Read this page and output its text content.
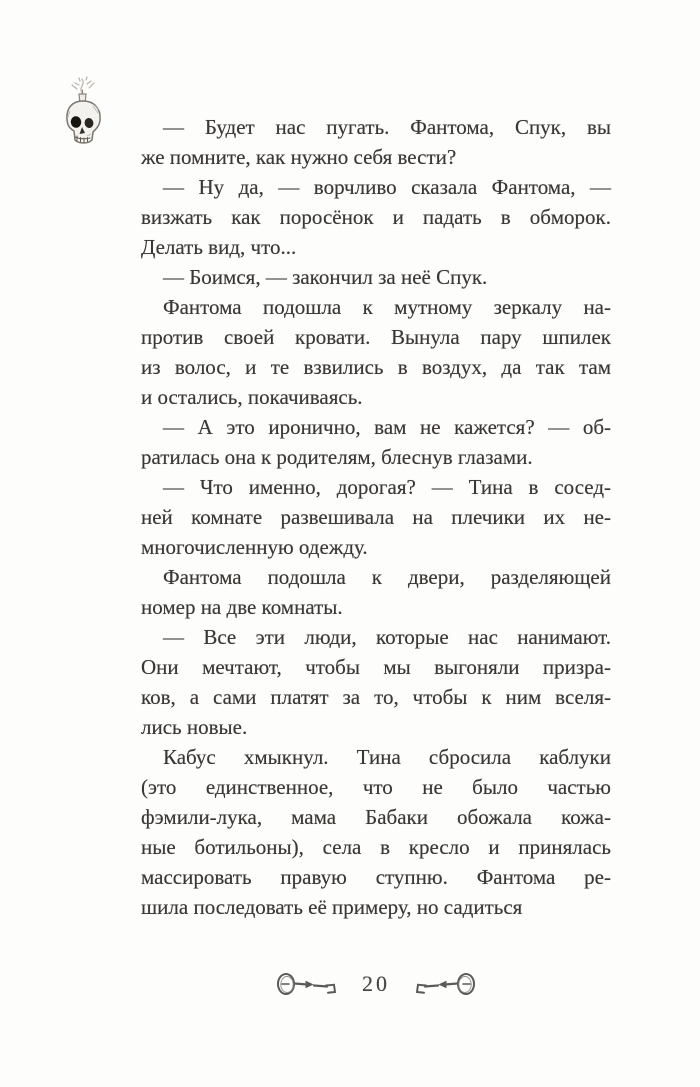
— Будет нас пугать. Фантома, Спук, вы
же помните, как нужно себя вести?
— Ну да, — ворчливо сказала Фантома, —
визжать как поросёнок и падать в обморок.
Делать вид, что...
— Боимся, — закончил за неё Спук.
Фантома подошла к мутному зеркалу на-
против своей кровати. Вынула пару шпилек
из волос, и те взвились в воздух, да так там
и остались, покачиваясь.
— А это иронично, вам не кажется? — об-
ратилась она к родителям, блеснув глазами.
— Что именно, дорогая? — Тина в сосед-
ней комнате развешивала на плечики их не-
многочисленную одежду.
Фантома подошла к двери, разделяющей
номер на две комнаты.
— Все эти люди, которые нас нанимают.
Они мечтают, чтобы мы выгоняли призра-
ков, а сами платят за то, чтобы к ним вселя-
лись новые.
Кабус хмыкнул. Тина сбросила каблуки
(это единственное, что не было частью
фэмили-лука, мама Бабаки обожала кожа-
ные ботильоны), села в кресло и принялась
массировать правую ступню. Фантома ре-
шила последовать её примеру, но садиться
20
